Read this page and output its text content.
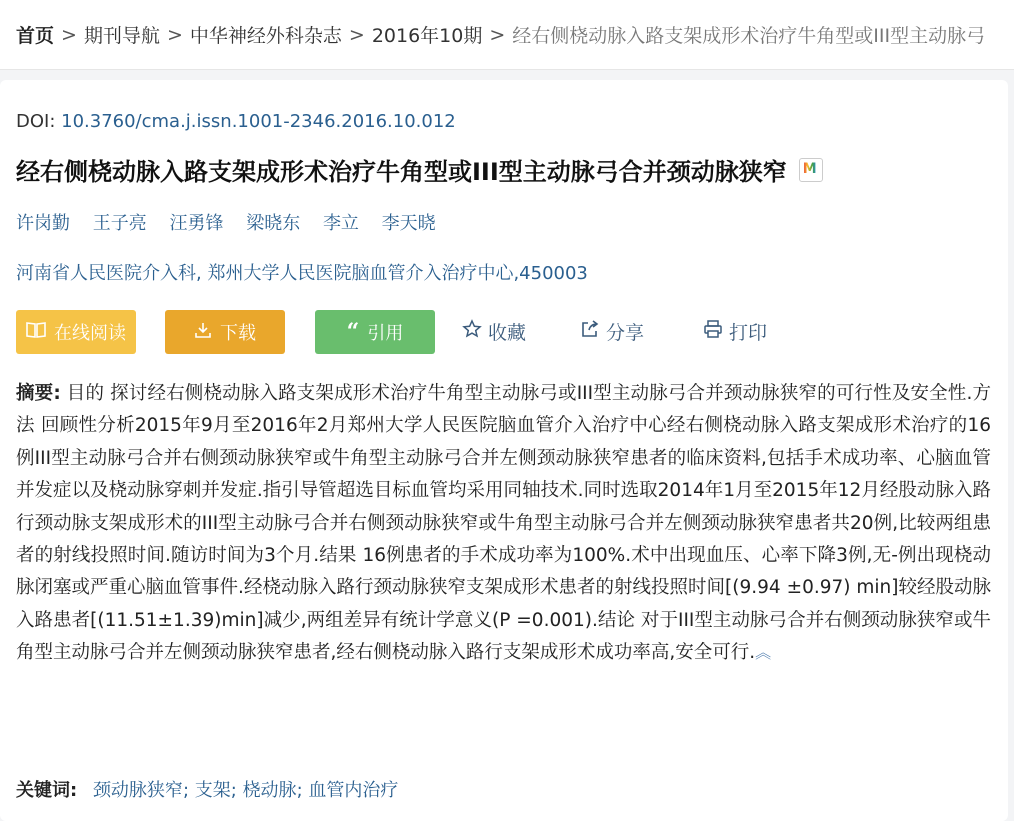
首页 > 期刊导航 > 中华神经外科杂志 > 2016年10期 > 经右侧桡动脉入路支架成形术治疗牛角型或III型主动脉弓
DOI: 10.3760/cma.j.issn.1001-2346.2016.10.012
经右侧桡动脉入路支架成形术治疗牛角型或III型主动脉弓合并颈动脉狭窄 M
许岗勤 王子亮 汪勇锋 梁晓东 李立 李天晓
河南省人民医院介入科, 郑州大学人民医院脑血管介入治疗中心,450003
在线阅读	下载	“ 引用	收藏	分享	打印
摘要: 目的 探讨经右侧桡动脉入路支架成形术治疗牛角型主动脉弓或III型主动脉弓合并颈动脉狭窄的可行性及安全性.方法 回顾性分析2015年9月至2016年2月郑州大学人民医院脑血管介入治疗中心经右侧桡动脉入路支架成形术治疗的16例III型主动脉弓合并右侧颈动脉狭窄或牛角型主动脉弓合并左侧颈动脉狭窄患者的临床资料,包括手术成功率、心脑血管并发症以及桡动脉穿刺并发症.指引导管超选目标血管均采用同轴技术.同时选取2014年1月至2015年12月经股动脉入路行颈动脉支架成形术的III型主动脉弓合并右侧颈动脉狭窄或牛角型主动脉弓合并左侧颈动脉狭窄患者共20例,比较两组患者的射线投照时间.随访时间为3个月.结果 16例患者的手术成功率为100%.术中出现血压、心率下降3例,无-例出现桡动脉闭塞或严重心脑血管事件.经桡动脉入路行颈动脉狭窄支架成形术患者的射线投照时间[(9.94 ±0.97) min]较经股动脉入路患者[(11.51±1.39)min]减少,两组差异有统计学意义(P =0.001).结论 对于III型主动脉弓合并右侧颈动脉狭窄或牛角型主动脉弓合并左侧颈动脉狭窄患者,经右侧桡动脉入路行支架成形术成功率高,安全可行.︽
关键词: 颈动脉狭窄; 支架; 桡动脉; 血管内治疗
